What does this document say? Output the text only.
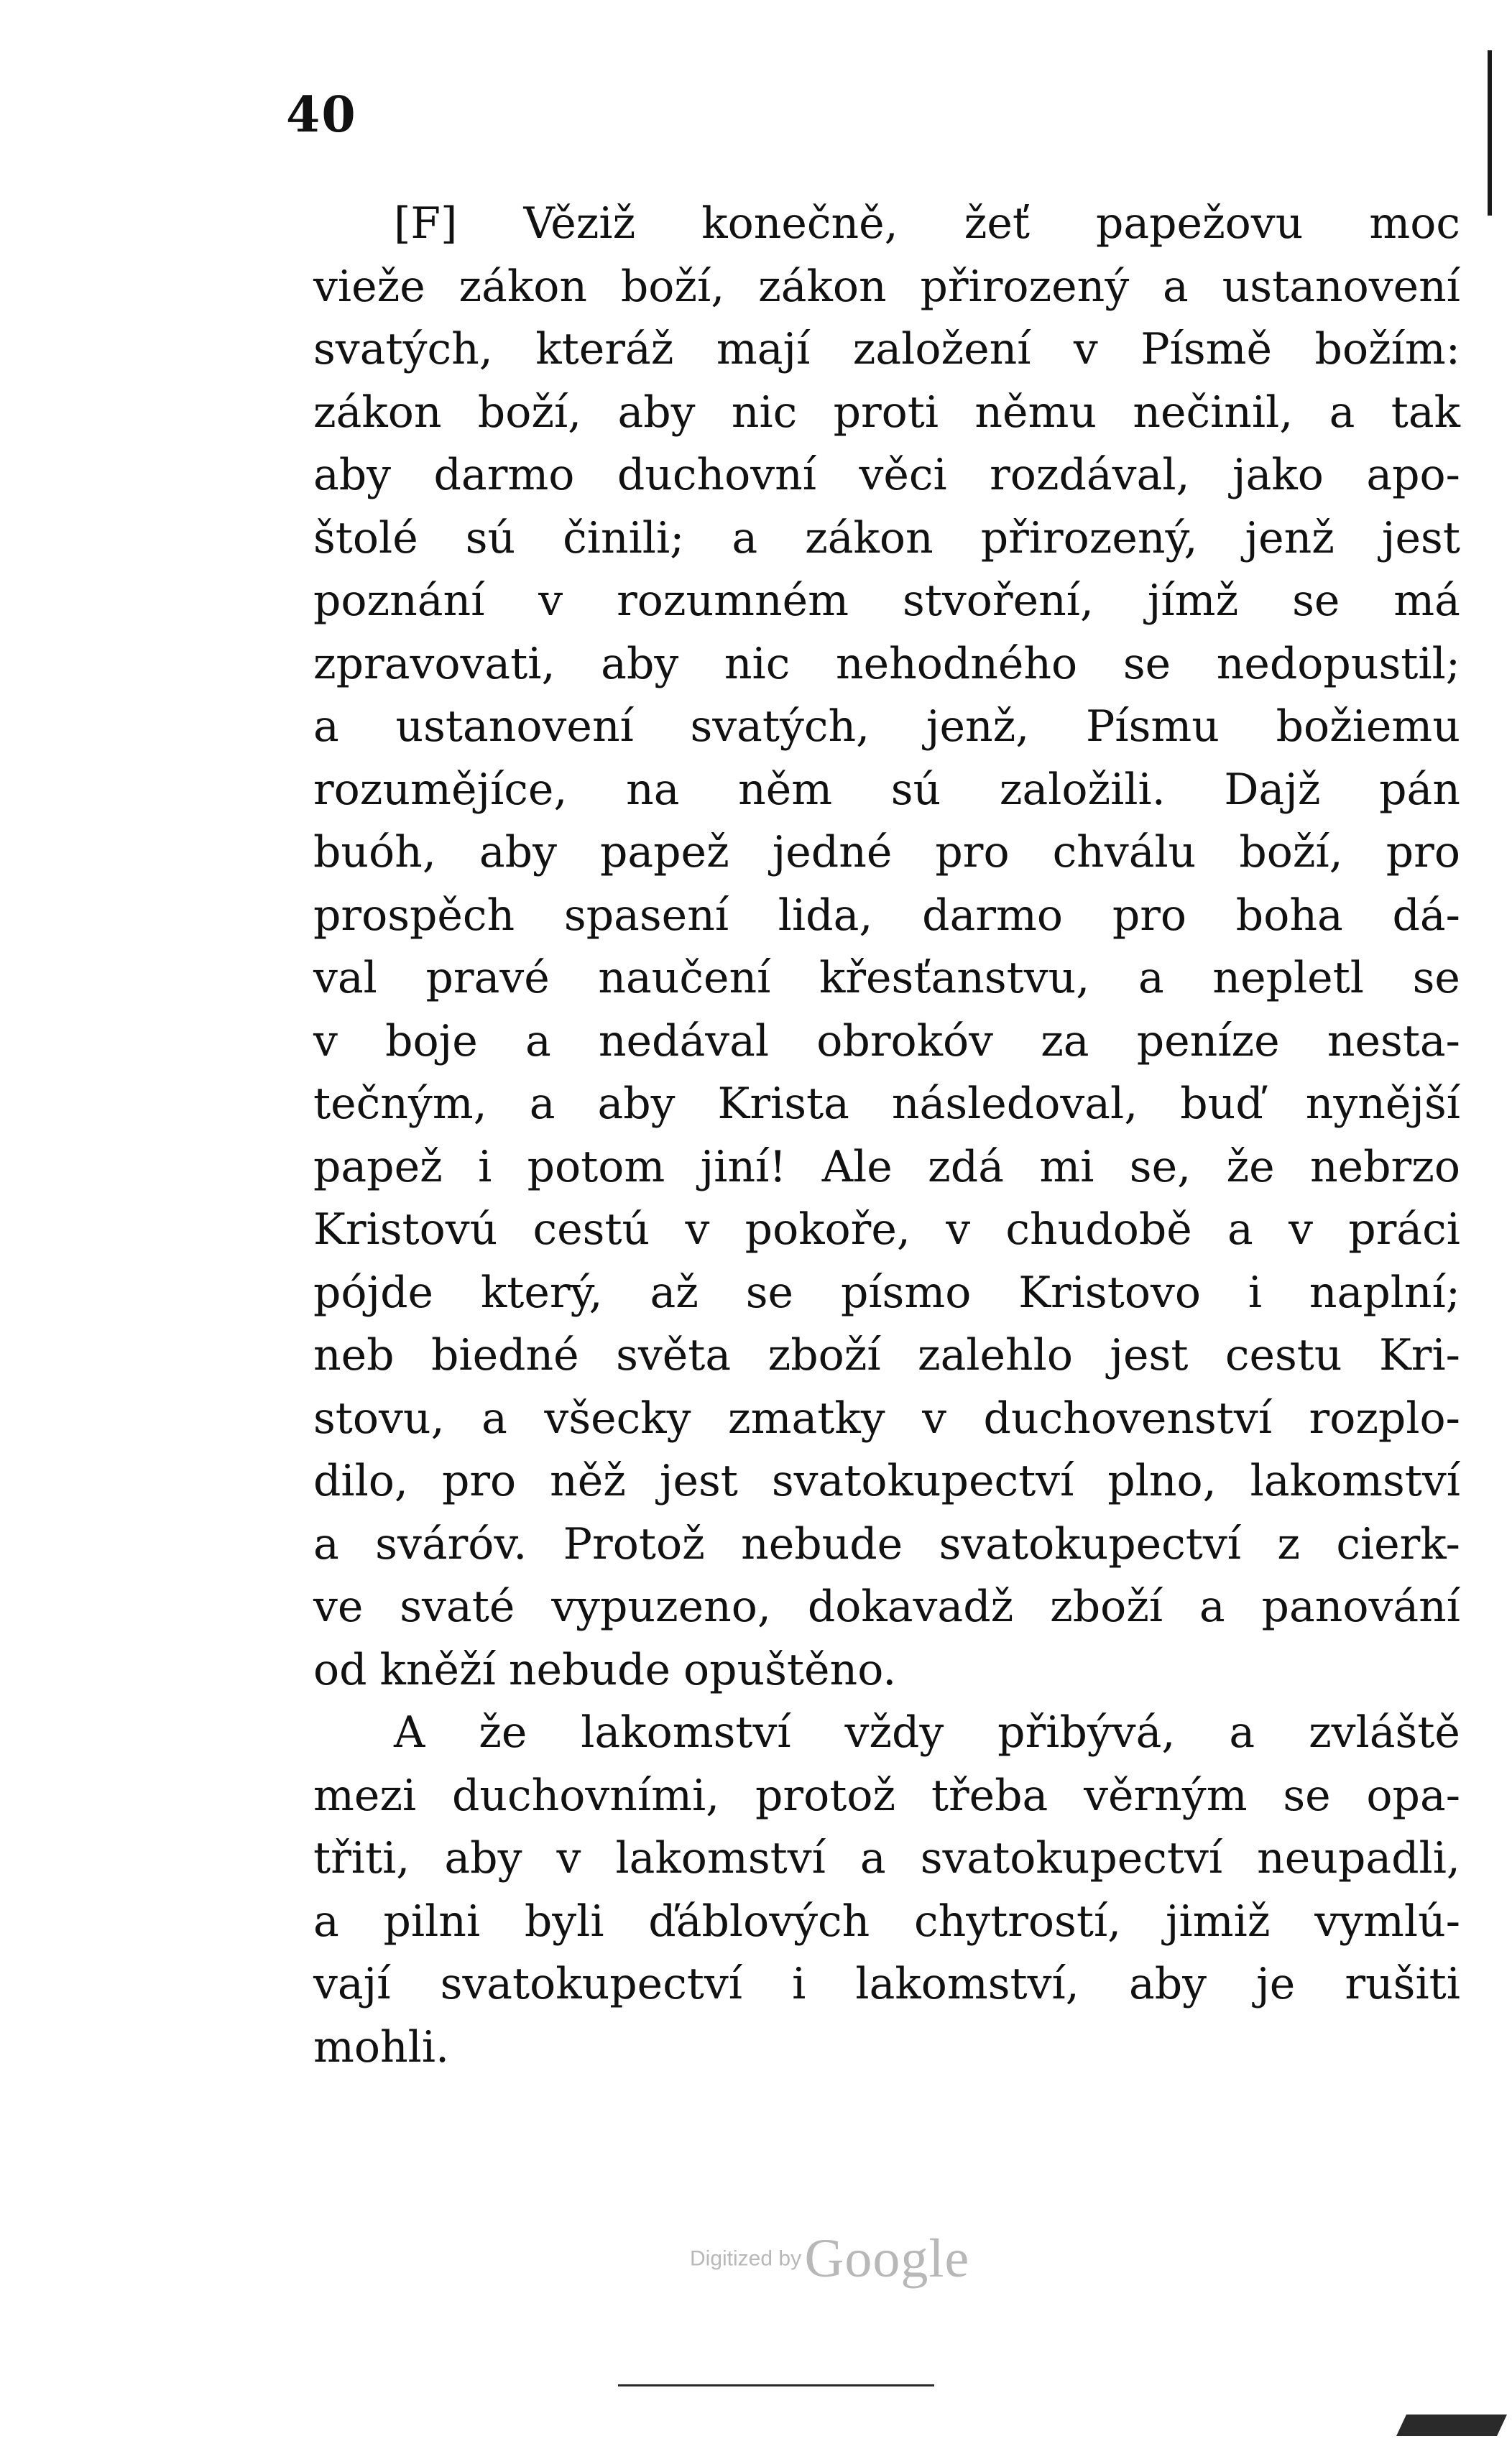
40
[F] Věziž konečně, žeť papežovu moc
vieže zákon boží, zákon přirozený a ustanovení
svatých, kteráž mají založení v Písmě božím:
zákon boží, aby nic proti němu nečinil, a tak
aby darmo duchovní věci rozdával, jako apo-
štolé sú činili; a zákon přirozený, jenž jest
poznání v rozumném stvoření, jímž se má
zpravovati, aby nic nehodného se nedopustil;
a ustanovení svatých, jenž, Písmu božiemu
rozumějíce, na něm sú založili. Dajž pán
buóh, aby papež jedné pro chválu boží, pro
prospěch spasení lida, darmo pro boha dá-
val pravé naučení křesťanstvu, a nepletl se
v boje a nedával obrokóv za peníze nesta-
tečným, a aby Krista následoval, buď nynější
papež i potom jiní! Ale zdá mi se, že nebrzo
Kristovú cestú v pokoře, v chudobě a v práci
pójde který, až se písmo Kristovo i naplní;
neb biedné světa zboží zalehlo jest cestu Kri-
stovu, a všecky zmatky v duchovenství rozplo-
dilo, pro něž jest svatokupectví plno, lakomství
a svárόv. Protož nebude svatokupectví z cierk-
ve svaté vypuzeno, dokavadž zboží a panování
od kněží nebude opuštěno.
A že lakomství vždy přibývá, a zvláště
mezi duchovními, protož třeba věrným se opa-
třiti, aby v lakomství a svatokupectví neupadli,
a pilni byli ďáblových chytrostí, jimiž vymlú-
vají svatokupectví i lakomství, aby je rušiti
mohli.
Digitized by Google
